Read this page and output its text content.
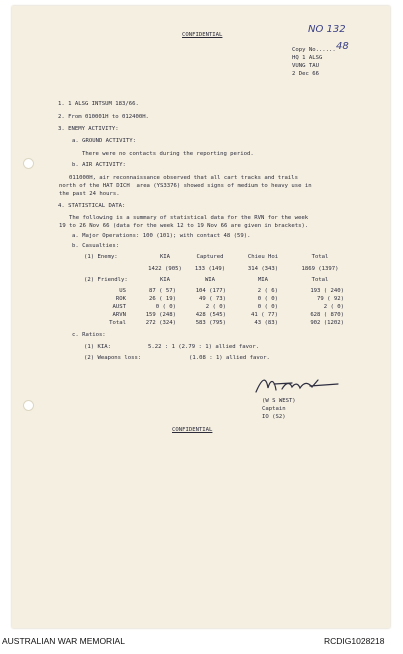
CONFIDENTIAL	NO 132
Copy No...... 48
HQ 1 ALSG
VUNG TAU
2 Dec 66
1. 1 ALSG INTSUM 183/66.
2. From 010001H to 012400H.
3. ENEMY ACTIVITY:
a. GROUND ACTIVITY:
There were no contacts during the reporting period.
b. AIR ACTIVITY:
011000H, air reconnaissance observed that all cart tracks and trails
north of the HAT DICH  area (YS3376) showed signs of medium to heavy use in
the past 24 hours.
4. STATISTICAL DATA:
The following is a summary of statistical data for the RVN for the week
19 to 26 Nov 66 (data for the week 12 to 19 Nov 66 are given in brackets).
a. Major Operations: 100 (101); with contact 48 (59).
b. Casualties:
(1) Enemy:	KIA	Captured	Chieu Hoi	Total
1422 (905)	133 (149)	314 (343)	1869 (1397)
(2) Friendly:	KIA	WIA	MIA	Total
US	87 ( 57)	104 (177)	2 ( 6)	193 ( 240)
ROK	26 ( 19)	49 ( 73)	0 ( 0)	79 ( 92)
AUST	0 ( 0)	2 ( 0)	0 ( 0)	2 ( 0)
ARVN	159 (248)	428 (545)	41 ( 77)	628 ( 870)
Total	272 (324)	583 (795)	43 (83)	902 (1202)
c. Ratios:
(1) KIA:	5.22 : 1 (2.79 : 1) allied favor.
(2) Weapons loss:	(1.08 : 1) allied favor.
(W S WEST)
Captain
IO (S2)
CONFIDENTIAL
AUSTRALIAN WAR MEMORIAL	RCDIG1028218
